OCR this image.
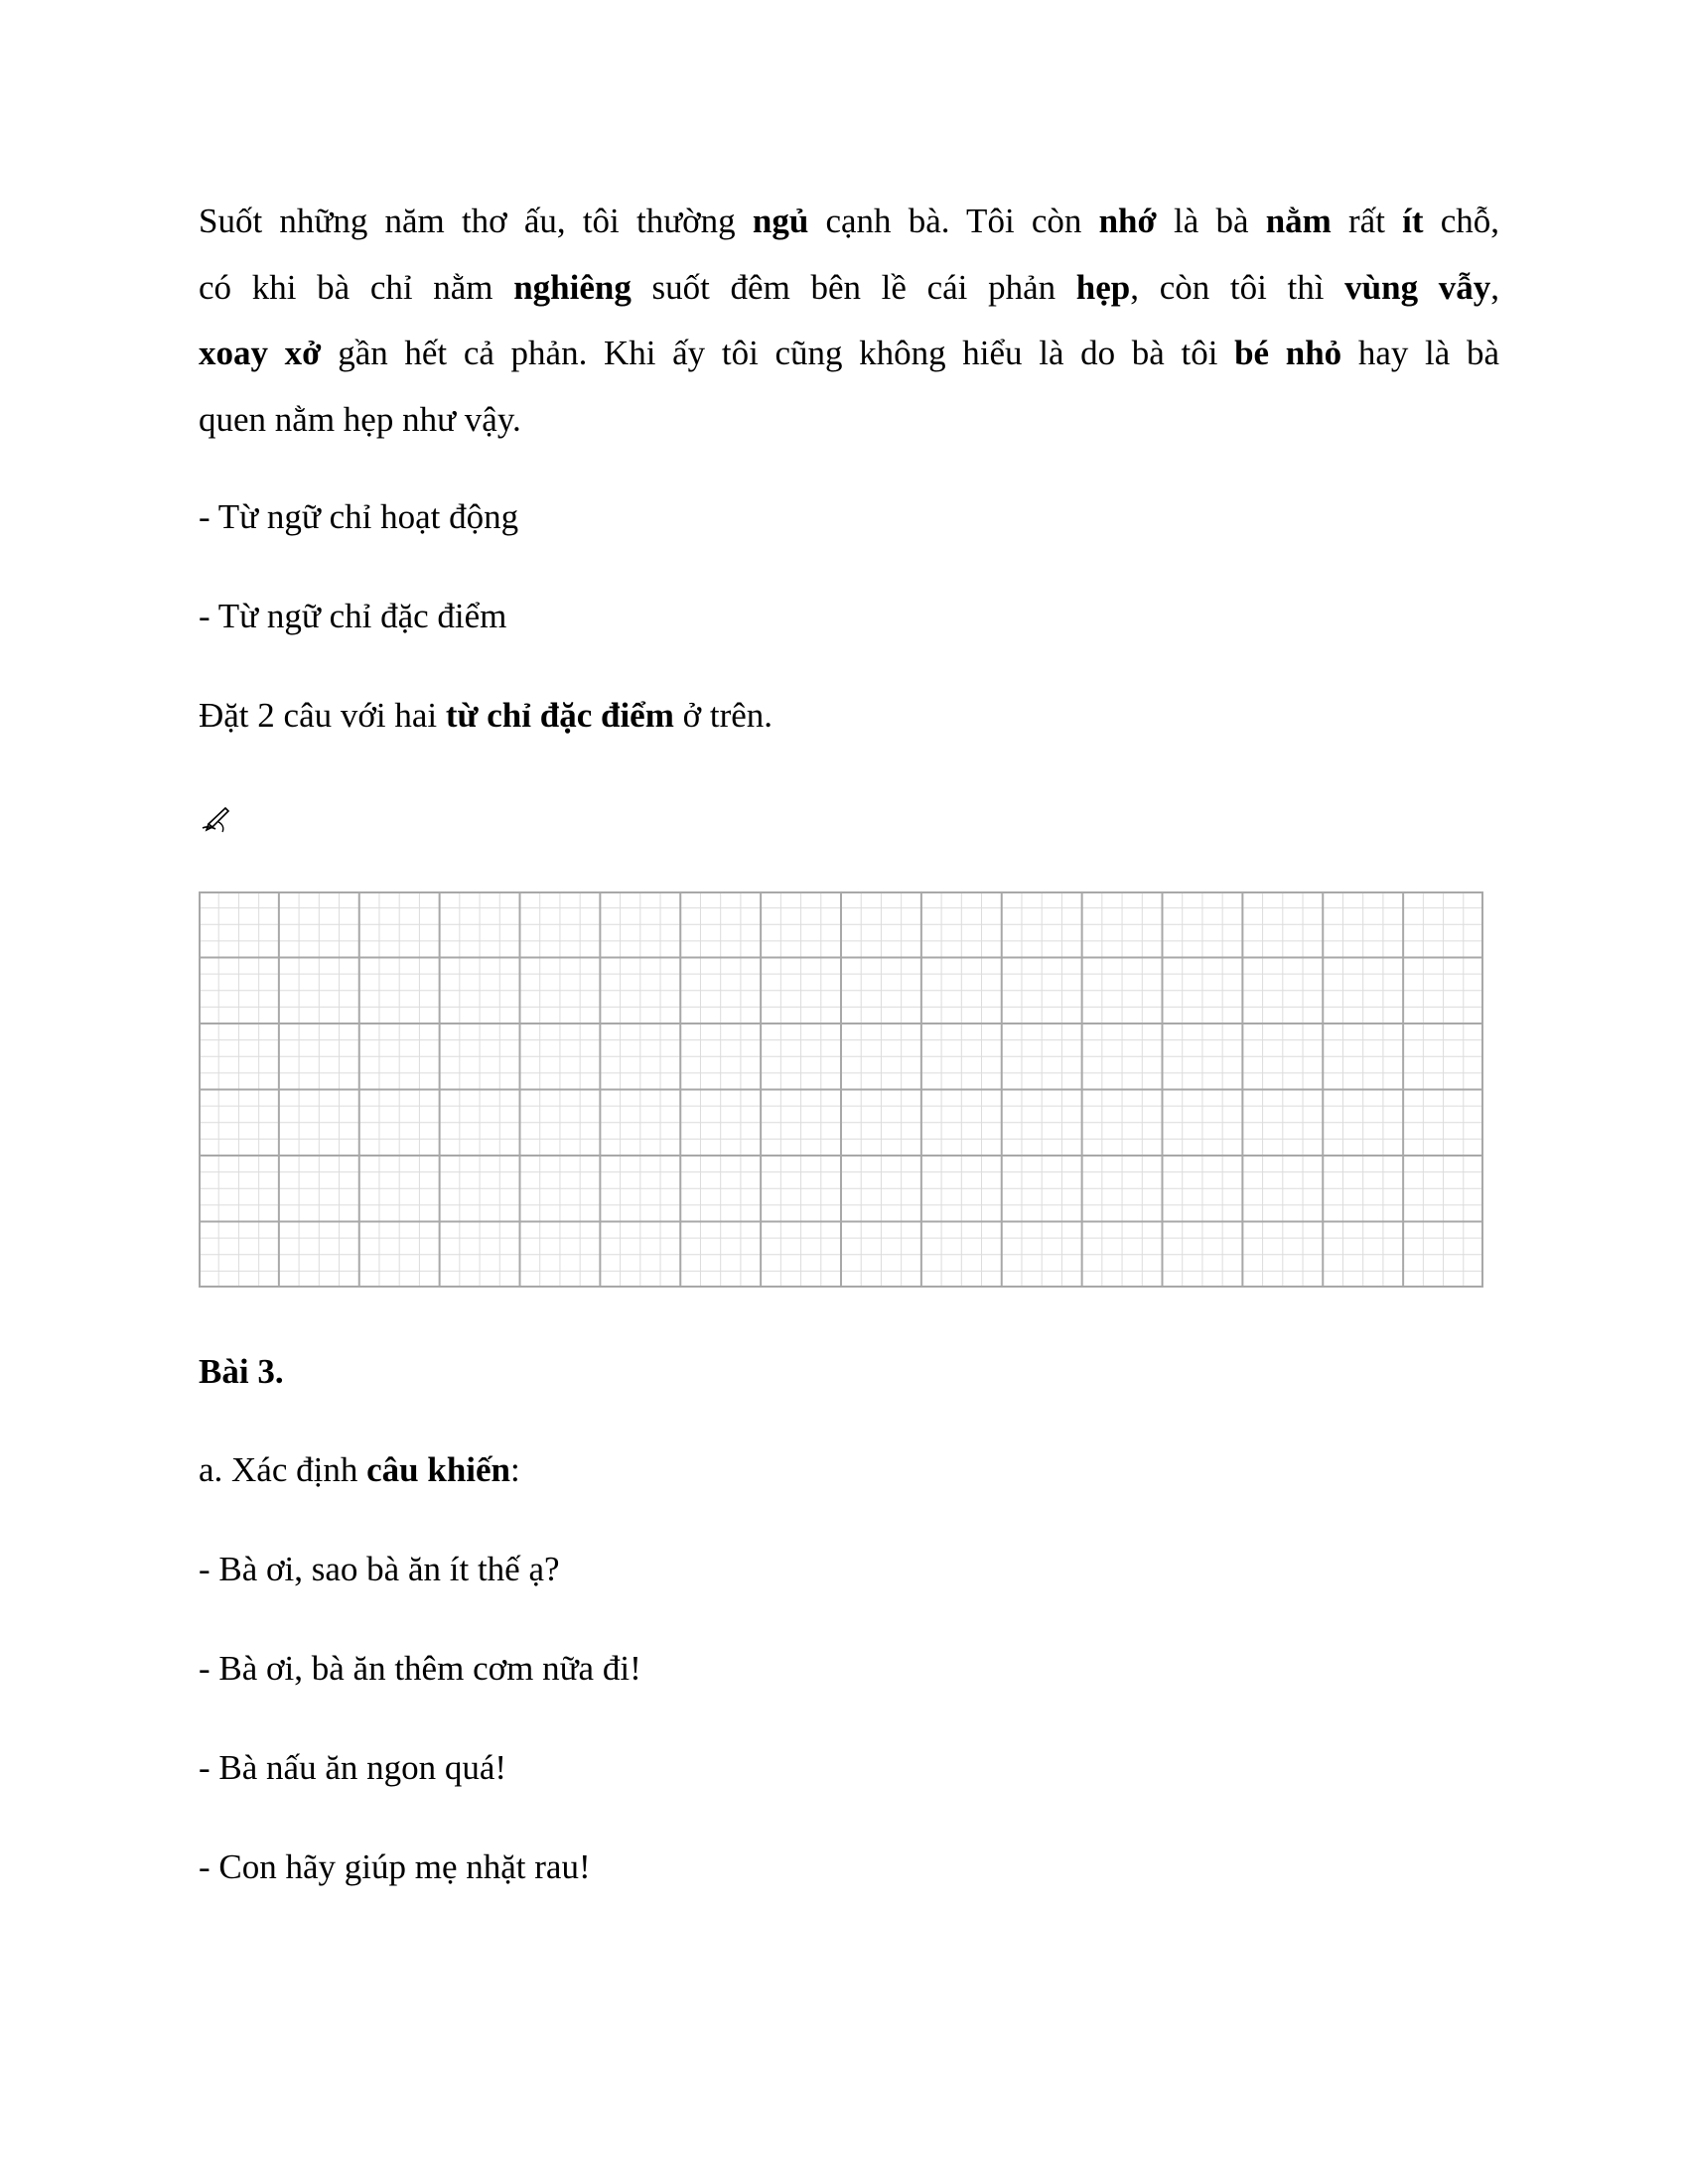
Suốt những năm thơ ấu, tôi thường ngủ cạnh bà. Tôi còn nhớ là bà nằm rất ít chỗ,
có khi bà chỉ nằm nghiêng suốt đêm bên lề cái phản hẹp, còn tôi thì vùng vẫy,
xoay xở gần hết cả phản. Khi ấy tôi cũng không hiểu là do bà tôi bé nhỏ hay là bà
quen nằm hẹp như vậy.

- Từ ngữ chỉ hoạt động

- Từ ngữ chỉ đặc điểm

Đặt 2 câu với hai từ chỉ đặc điểm ở trên.

Bài 3.

a. Xác định câu khiến:

- Bà ơi, sao bà ăn ít thế ạ?

- Bà ơi, bà ăn thêm cơm nữa đi!

- Bà nấu ăn ngon quá!

- Con hãy giúp mẹ nhặt rau!
